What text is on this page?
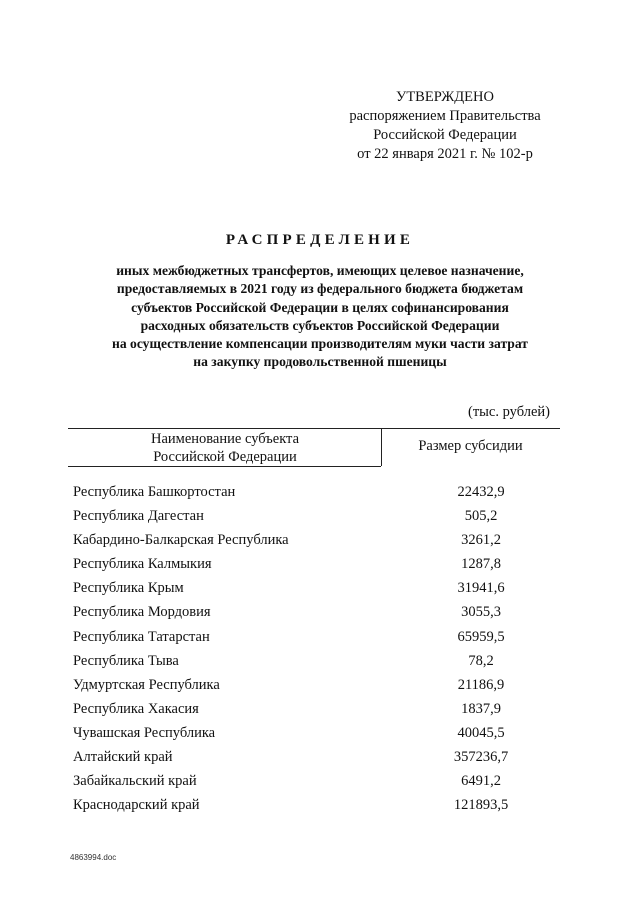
УТВЕРЖДЕНО
распоряжением Правительства
Российской Федерации
от 22 января 2021 г. № 102-р
РАСПРЕДЕЛЕНИЕ
иных межбюджетных трансфертов, имеющих целевое назначение,
предоставляемых в 2021 году из федерального бюджета бюджетам
субъектов Российской Федерации в целях софинансирования
расходных обязательств субъектов Российской Федерации
на осуществление компенсации производителям муки части затрат
на закупку продовольственной пшеницы
(тыс. рублей)
Наименование субъекта
Российской Федерации
Размер субсидии
Республика Башкортостан	22432,9
Республика Дагестан	505,2
Кабардино-Балкарская Республика	3261,2
Республика Калмыкия	1287,8
Республика Крым	31941,6
Республика Мордовия	3055,3
Республика Татарстан	65959,5
Республика Тыва	78,2
Удмуртская Республика	21186,9
Республика Хакасия	1837,9
Чувашская Республика	40045,5
Алтайский край	357236,7
Забайкальский край	6491,2
Краснодарский край	121893,5
4863994.doc
